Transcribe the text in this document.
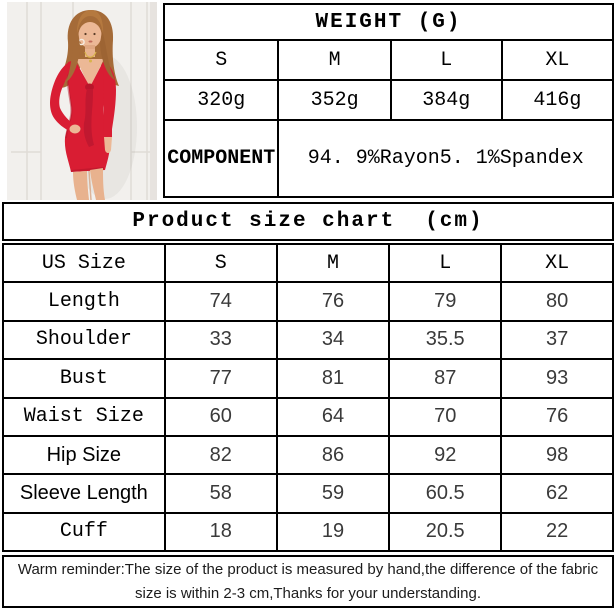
WEIGHT (G)			
S	M	L	XL
320g	352g	384g	416g
COMPONENT	94. 9%Rayon5. 1%Spandex		
Product size chart (cm)
US Size	S	M	L	XL
Length	74	76	79	80
Shoulder	33	34	35.5	37
Bust	77	81	87	93
Waist Size	60	64	70	76
Hip Size	82	86	92	98
Sleeve Length	58	59	60.5	62
Cuff	18	19	20.5	22
Warm reminder:The size of the product is measured by hand,the difference of the fabric size is within 2-3 cm,Thanks for your understanding.
